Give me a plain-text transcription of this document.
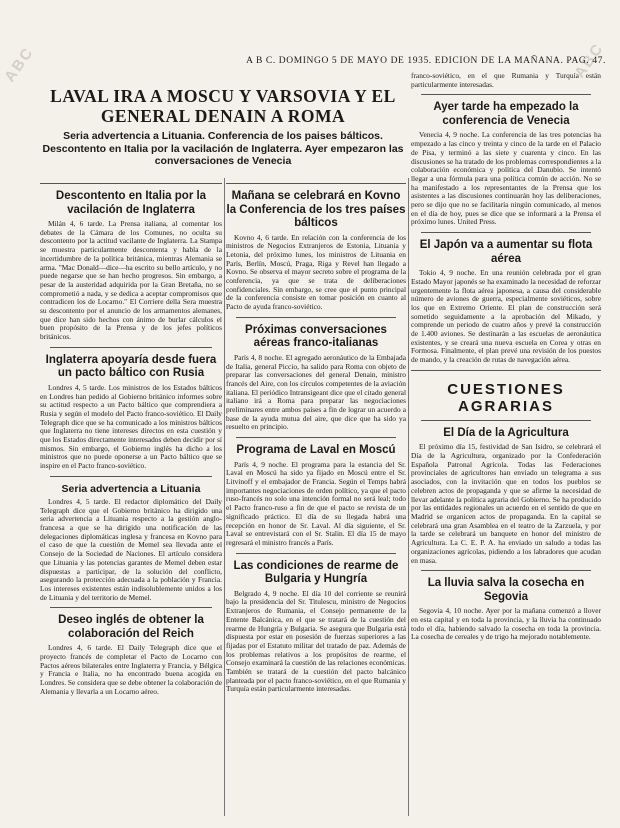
ABC	ABC
A B C. DOMINGO 5 DE MAYO DE 1935. EDICION DE LA MAÑANA. PAG. 47.
LAVAL IRA A MOSCU Y VARSOVIA Y EL GENERAL DENAIN A ROMA

Seria advertencia a Lituania. Conferencia de los paises bálticos. Descontento en Italia por la vacilación de Inglaterra. Ayer empezaron las conversaciones de Venecia

Descontento en Italia por la vacilación de Inglaterra

Milán 4, 6 tarde. La Prensa italiana, al comentar los debates de la Cámara de los Comunes, no oculta su descontento por la actitud vacilante de Inglaterra. La Stampa se muestra particularmente descontenta y habla de la incertidumbre de la política británica, mientras Alemania se arma. "Mac Donald—dice—ha escrito su bello artículo, y no puede negarse que se han hecho progresos. Sin embargo, a pesar de la austeridad adquirida por la Gran Bretaña, no se comprometió a nada, y se dedica a aceptar compromisos que contradicen los de Locarno." El Corriere della Sera muestra su descontento por el anuncio de los armamentos alemanes, que dice han sido hechos con ánimo de burlar cálculos el buen propósito de la Prensa y de los jefes políticos británicos.

Inglaterra apoyaría desde fuera un pacto báltico con Rusia

Londres 4, 5 tarde. Los ministros de los Estados bálticos en Londres han pedido al Gobierno británico informes sobre su actitud respecto a un Pacto báltico que comprendiera a Rusia y según el modelo del Pacto franco-soviético. El Daily Telegraph dice que se ha comunicado a los ministros bálticos que Inglaterra no tiene intereses directos en esta cuestión y que los Estados directamente interesados deben decidir por sí mismos. Sin embargo, el Gobierno inglés ha dicho a los ministros que no puede oponerse a un Pacto báltico que se inspire en el Pacto franco-soviético.

Seria advertencia a Lituania

Londres 4, 5 tarde. El redactor diplomático del Daily Telegraph dice que el Gobierno británico ha dirigido una seria advertencia a Lituania respecto a la gestión anglo-francesa a que se ha dirigido una notificación de las delegaciones diplomáticas inglesa y francesa en Kovno para el caso de que la cuestión de Memel sea llevada ante el Consejo de la Sociedad de Naciones. El artículo considera que Lituania y las potencias garantes de Memel deben estar dispuestas a participar, de la solución del conflicto, asegurando la protección adecuada a la población y Francia. Los intereses existentes están indisolublemente unidos a los de Lituania y del territorio de Memel.

Deseo inglés de obtener la colaboración del Reich

Londres 4, 6 tarde. El Daily Telegraph dice que el proyecto francés de completar el Pacto de Locarno con Pactos aéreos bilaterales entre Inglaterra y Francia, y Bélgica y Francia e Italia, no ha encontrado buena acogida en Londres. Se considera que se debe obtener la colaboración de Alemania y llevarla a un Locarno aéreo.

Mañana se celebrará en Kovno la Conferencia de los tres países bálticos

Kovno 4, 6 tarde. En relación con la conferencia de los ministros de Negocios Extranjeros de Estonia, Lituania y Letonia, del próximo lunes, los ministros de Lituania en París, Berlín, Moscú, Praga, Riga y Revel han llegado a Kovno. Se observa el mayor secreto sobre el programa de la conferencia, ya que se trata de deliberaciones confidenciales. Sin embargo, se cree que el punto principal de la conferencia consiste en tomar posición en cuanto al Pacto de ayuda franco-soviético.

Próximas conversaciones aéreas franco-italianas

París 4, 8 noche. El agregado aeronáutico de la Embajada de Italia, general Piccio, ha salido para Roma con objeto de preparar las conversaciones del general Denain, ministro francés del Aire, con los círculos competentes de la aviación italiana. El periódico Intransigeant dice que el citado general italiano irá a Roma para preparar las negociaciones preliminares entre ambos países a fin de lograr un acuerdo a base de la ayuda mutua del aire, que dice que ha sido ya resuelto en principio.

Programa de Laval en Moscú

París 4, 9 noche. El programa para la estancia del Sr. Laval en Moscú ha sido ya fijado en Moscú entre el Sr. Litvinoff y el embajador de Francia. Según el Temps habrá importantes negociaciones de orden político, ya que el pacto ruso-francés no solo una intención formal no será leal; todo el Pacto franco-ruso a fin de que el pacto se revista de un significado práctico. El día de su llegada habrá una recepción en honor de Sr. Laval. Al día siguiente, el Sr. Laval se entrevistará con el Sr. Stalin. El día 15 de mayo regresará el ministro francés a París.

Las condiciones de rearme de Bulgaria y Hungría

Belgrado 4, 9 noche. El día 10 del corriente se reunirá bajo la presidencia del Sr. Titulescu, ministro de Negocios Extranjeros de Rumania, el Consejo permanente de la Entente Balcánica, en el que se tratará de la cuestión del rearme de Hungría y Bulgaria. Se asegura que Bulgaria está dispuesta por estar en posesión de fuerzas superiores a las fijadas por el Estatuto militar del tratado de paz. Además de los problemas relativos a los propósitos de rearme, el Consejo examinará la cuestión de las relaciones económicas. También se tratará de la cuestión del pacto balcánico planteada por el pacto franco-soviético, en el que Rumania y Turquía están particularmente interesadas.

franco-soviético, en el que Rumania y Turquía están particularmente interesadas.

Ayer tarde ha empezado la conferencia de Venecia

Venecia 4, 9 noche. La conferencia de las tres potencias ha empezado a las cinco y treinta y cinco de la tarde en el Palacio de Pisa, y terminó a las siete y cuarenta y cinco. En las discusiones se ha tratado de los problemas correspondientes a la colaboración económica y política del Danubio. Se intentó llegar a una fórmula para una política común de acción. No se ha manifestado a los representantes de la Prensa que los asistentes a las discusiones continuarán hoy las deliberaciones, pero se dijo que no se facilitaría ningún comunicado, al menos en el día de hoy, pues se dice que se informará a la Prensa el próximo lunes. United Press.

El Japón va a aumentar su flota aérea

Tokio 4, 9 noche. En una reunión celebrada por el gran Estado Mayor japonés se ha examinado la necesidad de reforzar urgentemente la flota aérea japonesa, a causa del considerable número de aviones de guerra, especialmente soviéticos, sobre los que en Extremo Oriente. El plan de construcción será sometido seguidamente a la aprobación del Mikado, y comprende un periodo de cuatro años y prevé la construcción de 1.400 aviones. Se destinarán a las escuelas de aeronáutica existentes, y se creará una nueva escuela en Corea y otras en Formosa. Finalmente, el plan prevé una revisión de los puestos de mando, y la creación de rutas de navegación aérea.

CUESTIONES AGRARIAS
El Día de la Agricultura

El próximo día 15, festividad de San Isidro, se celebrará el Día de la Agricultura, organizado por la Confederación Española Patronal Agrícola. Todas las Federaciones provinciales de agricultores han enviado un telegrama a sus asociados, con la invitación que en todos los pueblos se celebren actos de propaganda y que se afirme la necesidad de llevar adelante la política agraria del Gobierno. Se ha producido por las entidades regionales un acuerdo en el sentido de que en Madrid se organicen actos de propaganda. En la capital se celebrará una gran Asamblea en el teatro de la Zarzuela, y por la tarde se celebrará un banquete en honor del ministro de Agricultura. La C. E. P. A. ha enviado un saludo a todas las organizaciones agrícolas, pidiendo a los labradores que acudan en masa.

La lluvia salva la cosecha en Segovia

Segovia 4, 10 noche. Ayer por la mañana comenzó a llover en esta capital y en toda la provincia, y la lluvia ha continuado todo el día, habiendo salvado la cosecha en toda la provincia. La cosecha de cereales y de trigo ha mejorado notablemente.
